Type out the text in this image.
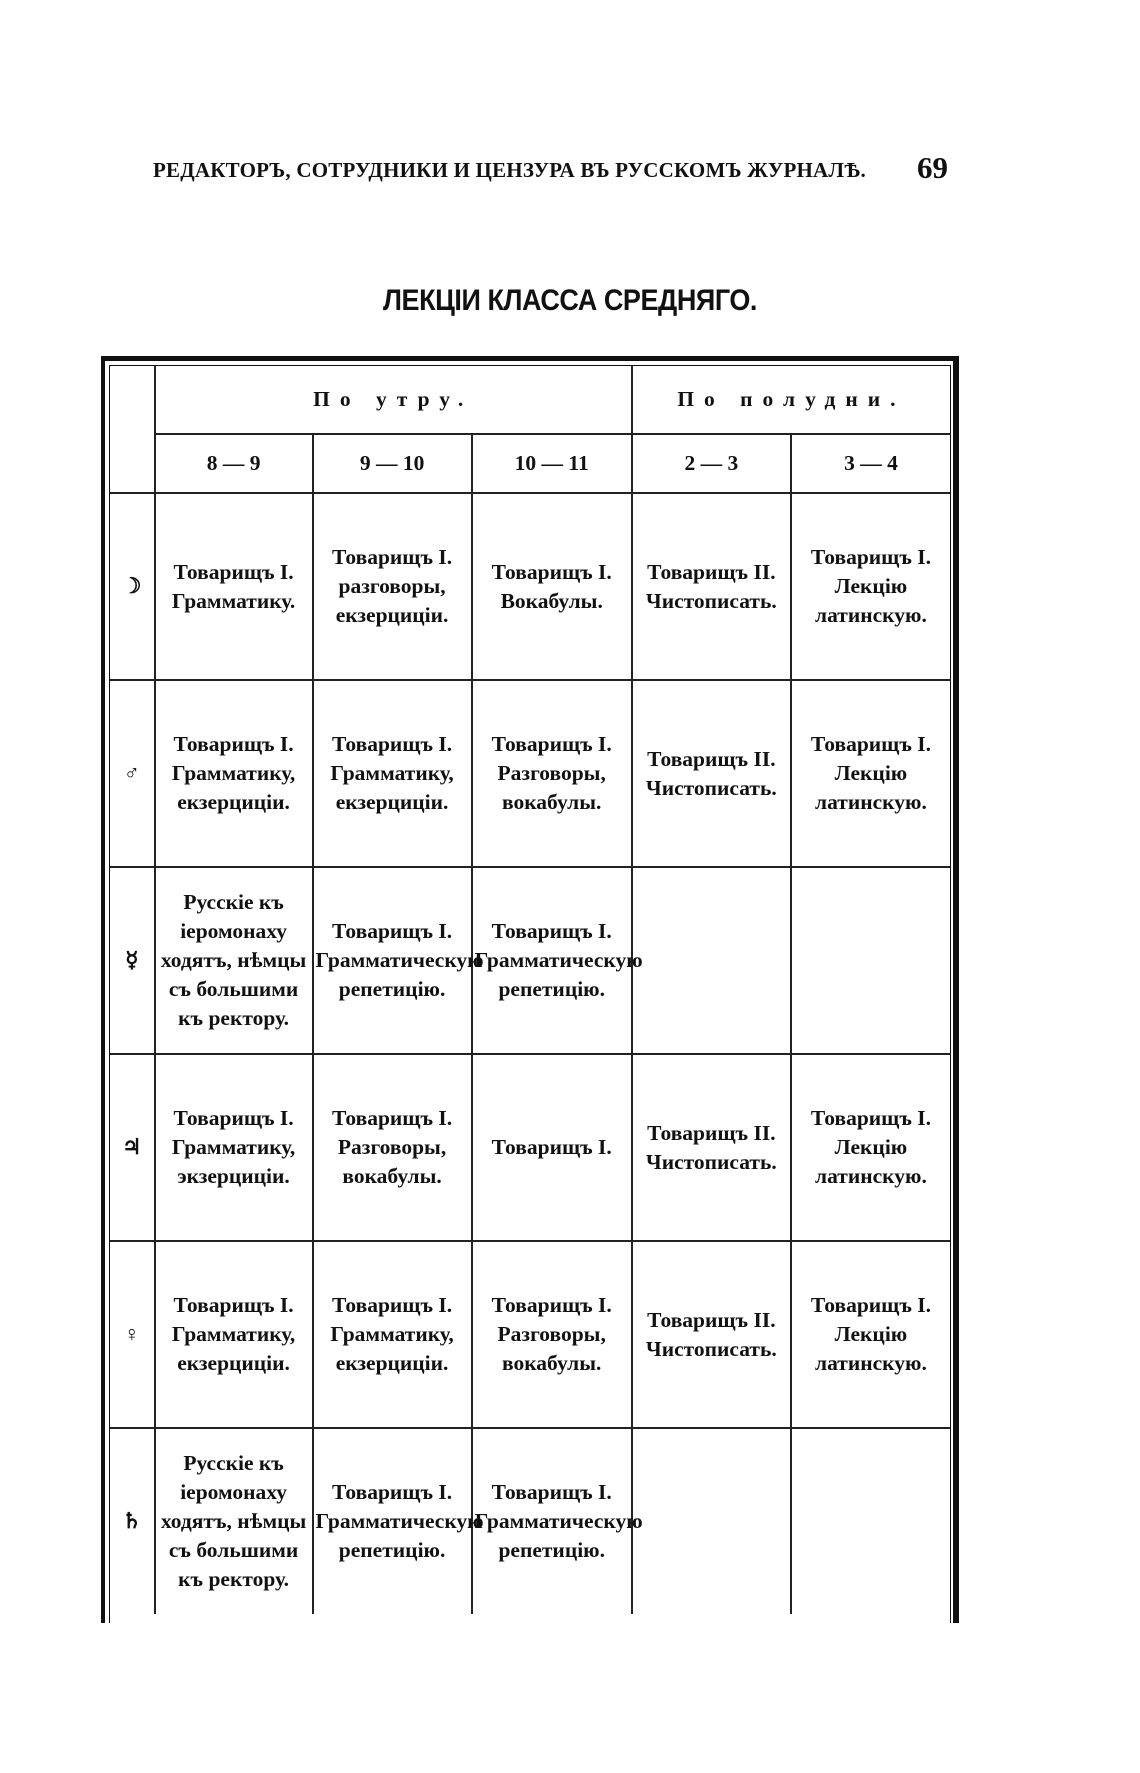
РЕДАКТОРЪ, СОТРУДНИКИ И ЦЕНЗУРА ВЪ РУССКОМЪ ЖУРНАЛѢ. 69
ЛЕКЦІИ КЛАССА СРЕДНЯГО.
	По утру.			По полудни.	
	8 — 9	9 — 10	10 — 11	2 — 3	3 — 4
☽	Товарищъ I. Грамматику.	Товарищъ I. разговоры, екзерциціи.	Товарищъ I. Вокабулы.	Товарищъ II. Чистописать.	Товарищъ I. Лекцію латинскую.
♂	Товарищъ I. Грамматику, екзерциціи.	Товарищъ I. Грамматику, екзерциціи.	Товарищъ I. Разговоры, вокабулы.	Товарищъ II. Чистописать.	Товарищъ I. Лекцію латинскую.
☿	Русскіе къ іеромонаху ходятъ, нѣмцы съ большими къ ректору.	Товарищъ I. Грамматическую репетицію.	Товарищъ I. Грамматическую репетицію.		
♃	Товарищъ I. Грамматику, экзерциціи.	Товарищъ I. Разговоры, вокабулы.	Товарищъ I.	Товарищъ II. Чистописать.	Товарищъ I. Лекцію латинскую.
♀	Товарищъ I. Грамматику, екзерциціи.	Товарищъ I. Грамматику, екзерциціи.	Товарищъ I. Разговоры, вокабулы.	Товарищъ II. Чистописать.	Товарищъ I. Лекцію латинскую.
♄	Русскіе къ іеромонаху ходятъ, нѣмцы съ большими къ ректору.	Товарищъ I. Грамматическую репетицію.	Товарищъ I. Грамматическую репетицію.		
